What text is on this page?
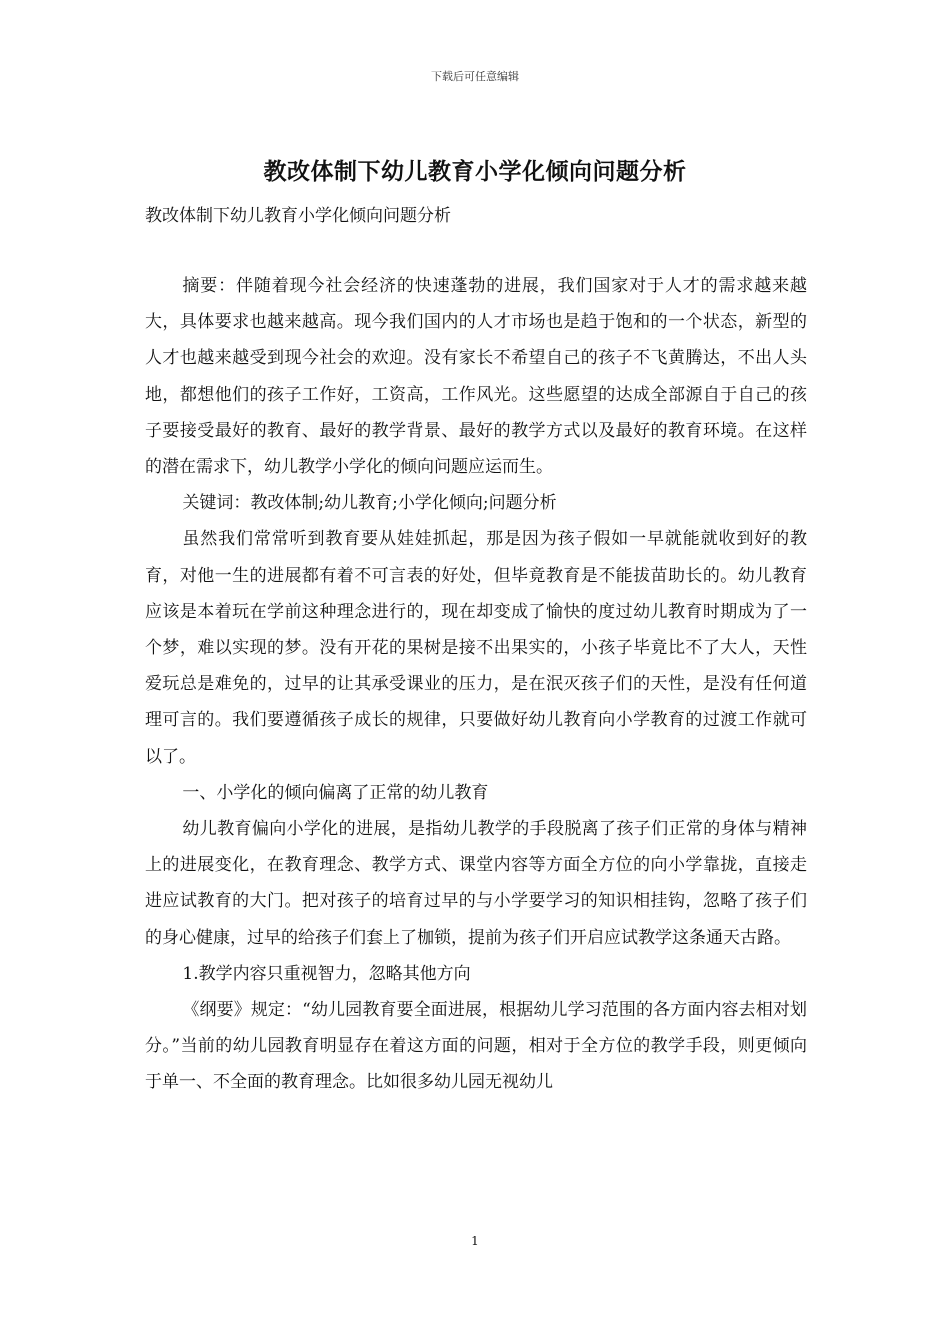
下载后可任意编辑
教改体制下幼儿教育小学化倾向问题分析
教改体制下幼儿教育小学化倾向问题分析

摘要：伴随着现今社会经济的快速蓬勃的进展，我们国家对于人才的需求越来越大，具体要求也越来越高。现今我们国内的人才市场也是趋于饱和的一个状态，新型的人才也越来越受到现今社会的欢迎。没有家长不希望自己的孩子不飞黄腾达，不出人头地，都想他们的孩子工作好，工资高，工作风光。这些愿望的达成全部源自于自己的孩子要接受最好的教育、最好的教学背景、最好的教学方式以及最好的教育环境。在这样的潜在需求下，幼儿教学小学化的倾向问题应运而生。

关键词：教改体制;幼儿教育;小学化倾向;问题分析

虽然我们常常听到教育要从娃娃抓起，那是因为孩子假如一早就能就收到好的教育，对他一生的进展都有着不可言表的好处，但毕竟教育是不能拔苗助长的。幼儿教育应该是本着玩在学前这种理念进行的，现在却变成了愉快的度过幼儿教育时期成为了一个梦，难以实现的梦。没有开花的果树是接不出果实的，小孩子毕竟比不了大人，天性爱玩总是难免的，过早的让其承受课业的压力，是在泯灭孩子们的天性，是没有任何道理可言的。我们要遵循孩子成长的规律，只要做好幼儿教育向小学教育的过渡工作就可以了。

一、小学化的倾向偏离了正常的幼儿教育

幼儿教育偏向小学化的进展，是指幼儿教学的手段脱离了孩子们正常的身体与精神上的进展变化，在教育理念、教学方式、课堂内容等方面全方位的向小学靠拢，直接走进应试教育的大门。把对孩子的培育过早的与小学要学习的知识相挂钩，忽略了孩子们的身心健康，过早的给孩子们套上了枷锁，提前为孩子们开启应试教学这条通天古路。

1.教学内容只重视智力，忽略其他方向

《纲要》规定：“幼儿园教育要全面进展，根据幼儿学习范围的各方面内容去相对划分。”当前的幼儿园教育明显存在着这方面的问题，相对于全方位的教学手段，则更倾向于单一、不全面的教育理念。比如很多幼儿园无视幼儿

1
